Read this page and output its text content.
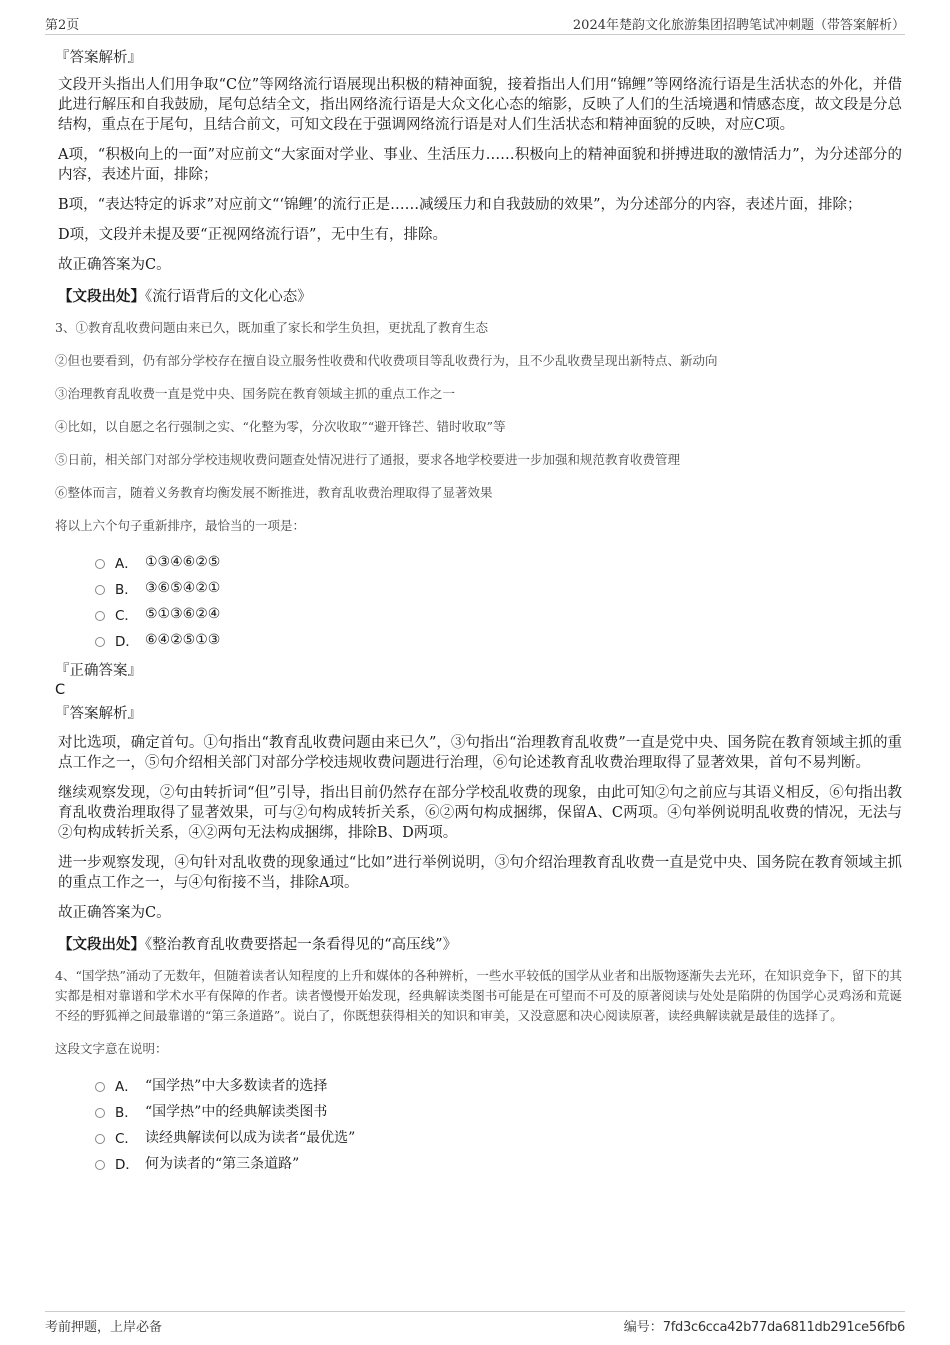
第2页	2024年楚韵文化旅游集团招聘笔试冲刺题（带答案解析）
『答案解析』

文段开头指出人们用争取“C位”等网络流行语展现出积极的精神面貌，接着指出人们用“锦鲤”等网络流行语是生活状态的外化，并借此进行解压和自我鼓励，尾句总结全文，指出网络流行语是大众文化心态的缩影，反映了人们的生活境遇和情感态度，故文段是分总结构，重点在于尾句，且结合前文，可知文段在于强调网络流行语是对人们生活状态和精神面貌的反映，对应C项。

A项，“积极向上的一面”对应前文“大家面对学业、事业、生活压力……积极向上的精神面貌和拼搏进取的激情活力”，为分述部分的内容，表述片面，排除；

B项，“表达特定的诉求”对应前文“‘锦鲤’的流行正是……减缓压力和自我鼓励的效果”，为分述部分的内容，表述片面，排除；

D项，文段并未提及要“正视网络流行语”，无中生有，排除。

故正确答案为C。

【文段出处】《流行语背后的文化心态》
3、①教育乱收费问题由来已久，既加重了家长和学生负担，更扰乱了教育生态
②但也要看到，仍有部分学校存在擅自设立服务性收费和代收费项目等乱收费行为，且不少乱收费呈现出新特点、新动向
③治理教育乱收费一直是党中央、国务院在教育领域主抓的重点工作之一
④比如，以自愿之名行强制之实、“化整为零，分次收取”“避开锋芒、错时收取”等
⑤日前，相关部门对部分学校违规收费问题查处情况进行了通报，要求各地学校要进一步加强和规范教育收费管理
⑥整体而言，随着义务教育均衡发展不断推进，教育乱收费治理取得了显著效果
将以上六个句子重新排序，最恰当的一项是：
A． ①③④⑥②⑤
B． ③⑥⑤④②①
C． ⑤①③⑥②④
D． ⑥④②⑤①③
『正确答案』
C
『答案解析』

对比选项，确定首句。①句指出“教育乱收费问题由来已久”，③句指出“治理教育乱收费”一直是党中央、国务院在教育领域主抓的重点工作之一，⑤句介绍相关部门对部分学校违规收费问题进行治理，⑥句论述教育乱收费治理取得了显著效果，首句不易判断。

继续观察发现，②句由转折词“但”引导，指出目前仍然存在部分学校乱收费的现象，由此可知②句之前应与其语义相反，⑥句指出教育乱收费治理取得了显著效果，可与②句构成转折关系，⑥②两句构成捆绑，保留A、C两项。④句举例说明乱收费的情况，无法与②句构成转折关系，④②两句无法构成捆绑，排除B、D两项。

进一步观察发现，④句针对乱收费的现象通过“比如”进行举例说明，③句介绍治理教育乱收费一直是党中央、国务院在教育领域主抓的重点工作之一，与④句衔接不当，排除A项。

故正确答案为C。

【文段出处】《整治教育乱收费要搭起一条看得见的“高压线”》
4、“国学热”涌动了无数年，但随着读者认知程度的上升和媒体的各种辨析，一些水平较低的国学从业者和出版物逐渐失去光环，在知识竞争下，留下的其实都是相对靠谱和学术水平有保障的作者。读者慢慢开始发现，经典解读类图书可能是在可望而不可及的原著阅读与处处是陷阱的伪国学心灵鸡汤和荒诞不经的野狐禅之间最靠谱的“第三条道路”。说白了，你既想获得相关的知识和审美，又没意愿和决心阅读原著，读经典解读就是最佳的选择了。
这段文字意在说明：
A． “国学热”中大多数读者的选择
B． “国学热”中的经典解读类图书
C． 读经典解读何以成为读者“最优选”
D． 何为读者的“第三条道路”
考前押题，上岸必备	编号：7fd3c6cca42b77da6811db291ce56fb6
